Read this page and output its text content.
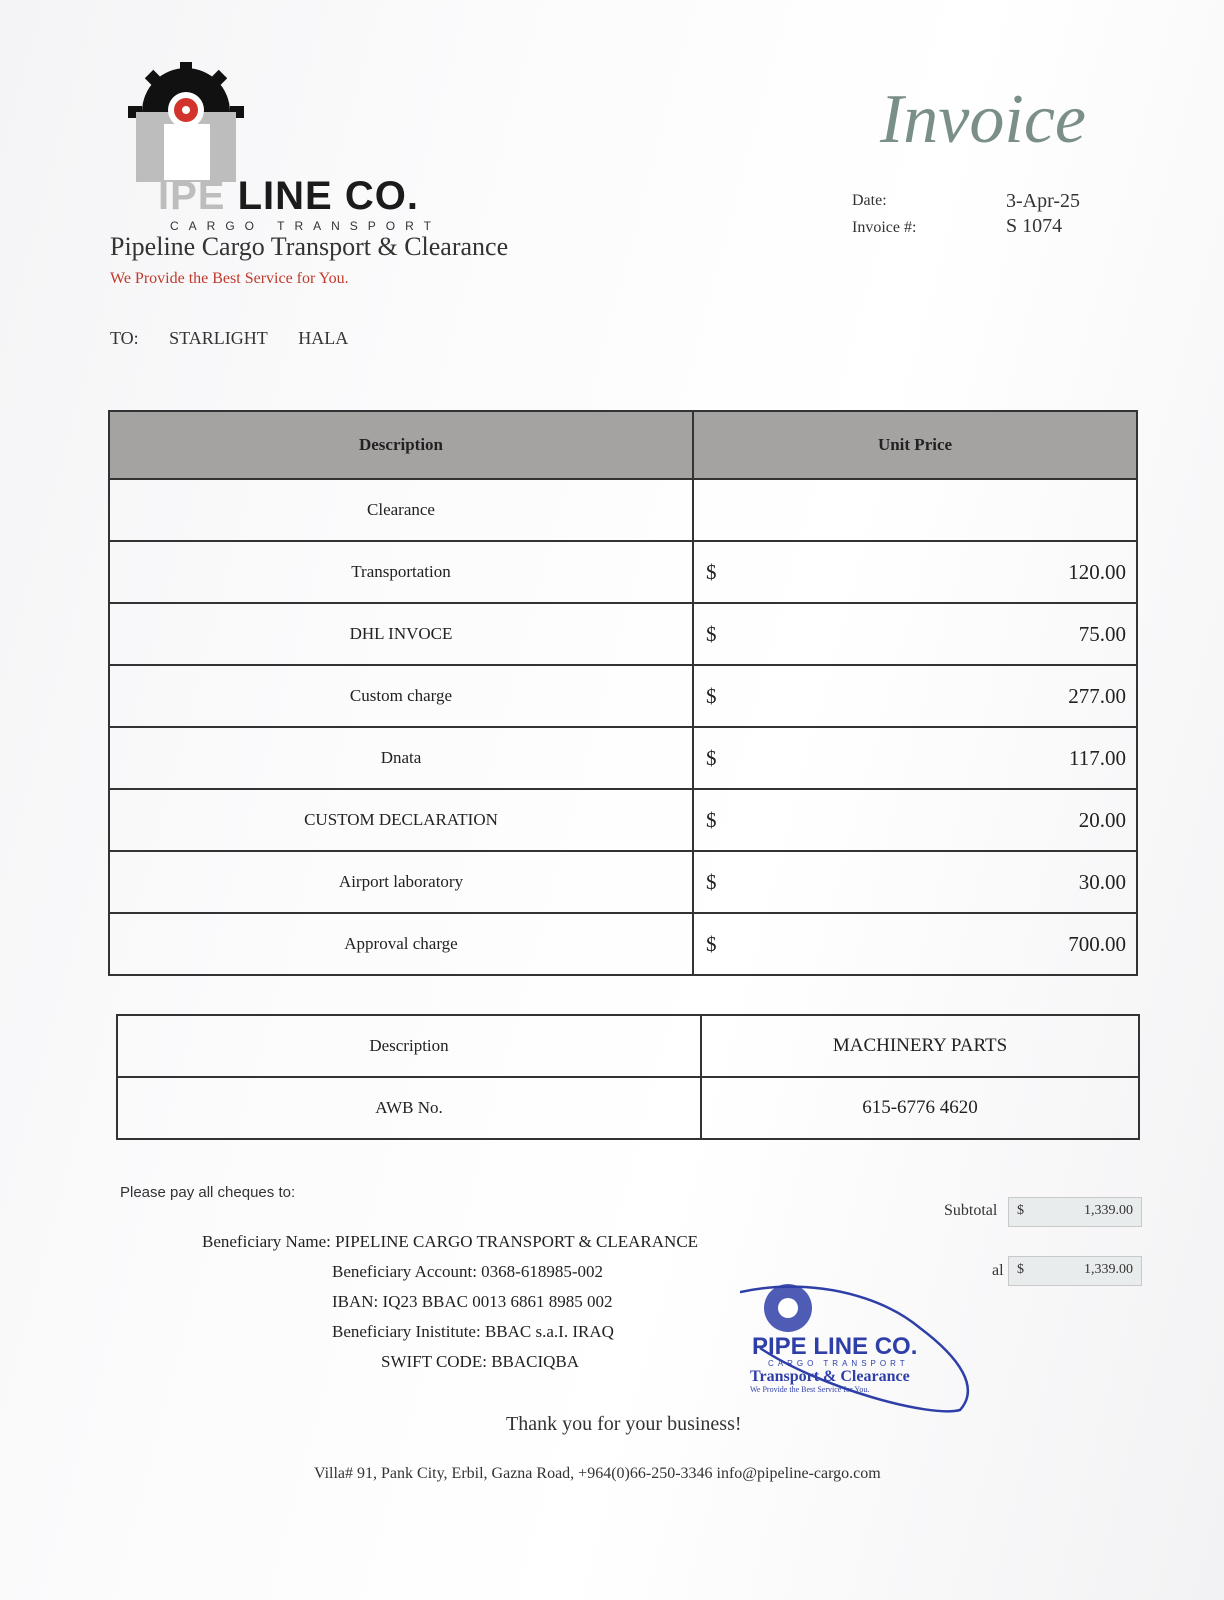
IPE LINE CO.
CARGO TRANSPORT
Pipeline Cargo Transport & Clearance
We Provide the Best Service for You.
Invoice
Date:	3-Apr-25
Invoice #:	S 1074
TO: STARLIGHT HALA
Description	Unit Price	
Clearance		
Transportation	$	120.00
DHL INVOCE	$	75.00
Custom charge	$	277.00
Dnata	$	117.00
CUSTOM DECLARATION	$	20.00
Airport laboratory	$	30.00
Approval charge	$	700.00
Description	MACHINERY PARTS
AWB No.	615-6776 4620
Please pay all cheques to:
Beneficiary Name: PIPELINE CARGO TRANSPORT & CLEARANCE
Beneficiary Account: 0368-618985-002
IBAN: IQ23 BBAC 0013 6861 8985 002
Beneficiary Inistitute: BBAC s.a.I. IRAQ
SWIFT CODE: BBACIQBA
Subtotal $	1,339.00
al $	1,339.00
PIPE LINE CO.
CARGO TRANSPORT
Transport & Clearance
We Provide the Best Service for You.
Thank you for your business!
Villa# 91, Pank City, Erbil, Gazna Road, +964(0)66-250-3346 info@pipeline-cargo.com
